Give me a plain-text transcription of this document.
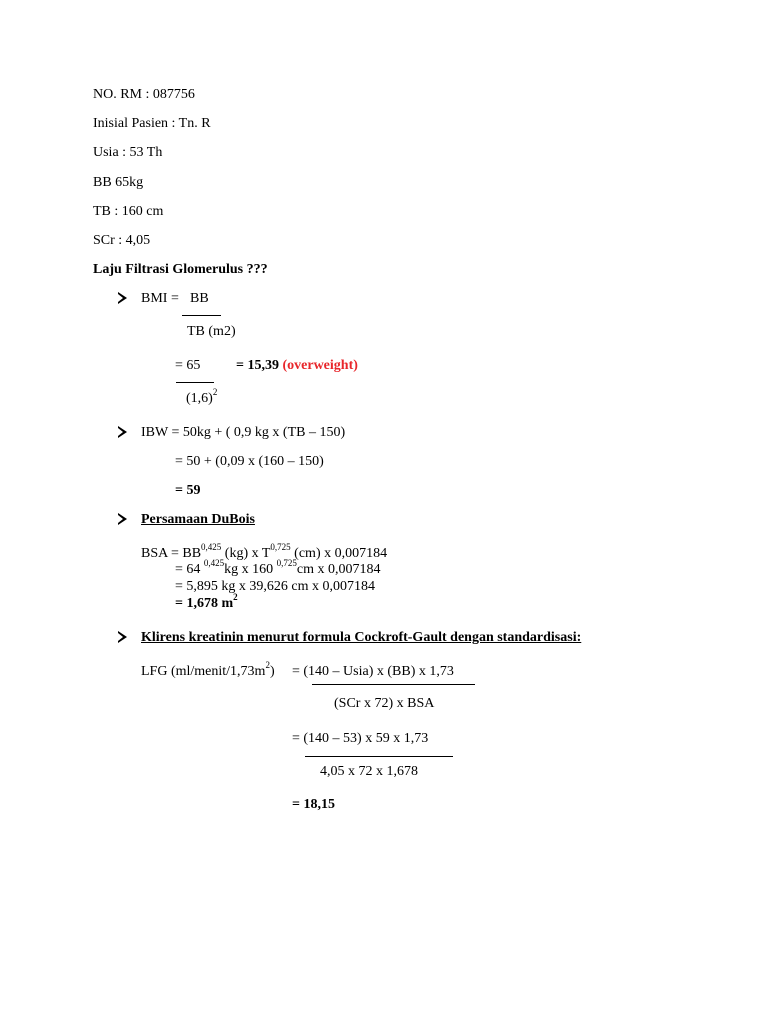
NO. RM : 087756
Inisial Pasien : Tn. R
Usia : 53 Th
BB 65kg
TB : 160 cm
SCr : 4,05
Laju Filtrasi Glomerulus ???
BMI = BB
TB (m2)
= 65
$(1,6)^2$
= 15,39 (overweight)
IBW = 50kg + ( 0,9 kg x (TB – 150)
= 50 + (0,09 x (160 – 150)
= 59
Persamaan DuBois
BSA = BB$^{0,425}$ (kg) x T$^{0,725}$ (cm) x 0,007184
= 64 $^{0,425}$kg x 160 $^{0,725}$cm x 0,007184
= 5,895 kg x 39,626 cm x 0,007184
= 1,678 $m^2$
Klirens kreatinin menurut formula Cockroft-Gault dengan standardisasi:
LFG $(ml/menit/1,73m^2) = (140$ – Usia) x (BB) x 1,73
(SCr x 72) x BSA
= (140 – 53) x 59 x 1,73
4,05 x 72 x 1,678
= 18,15
